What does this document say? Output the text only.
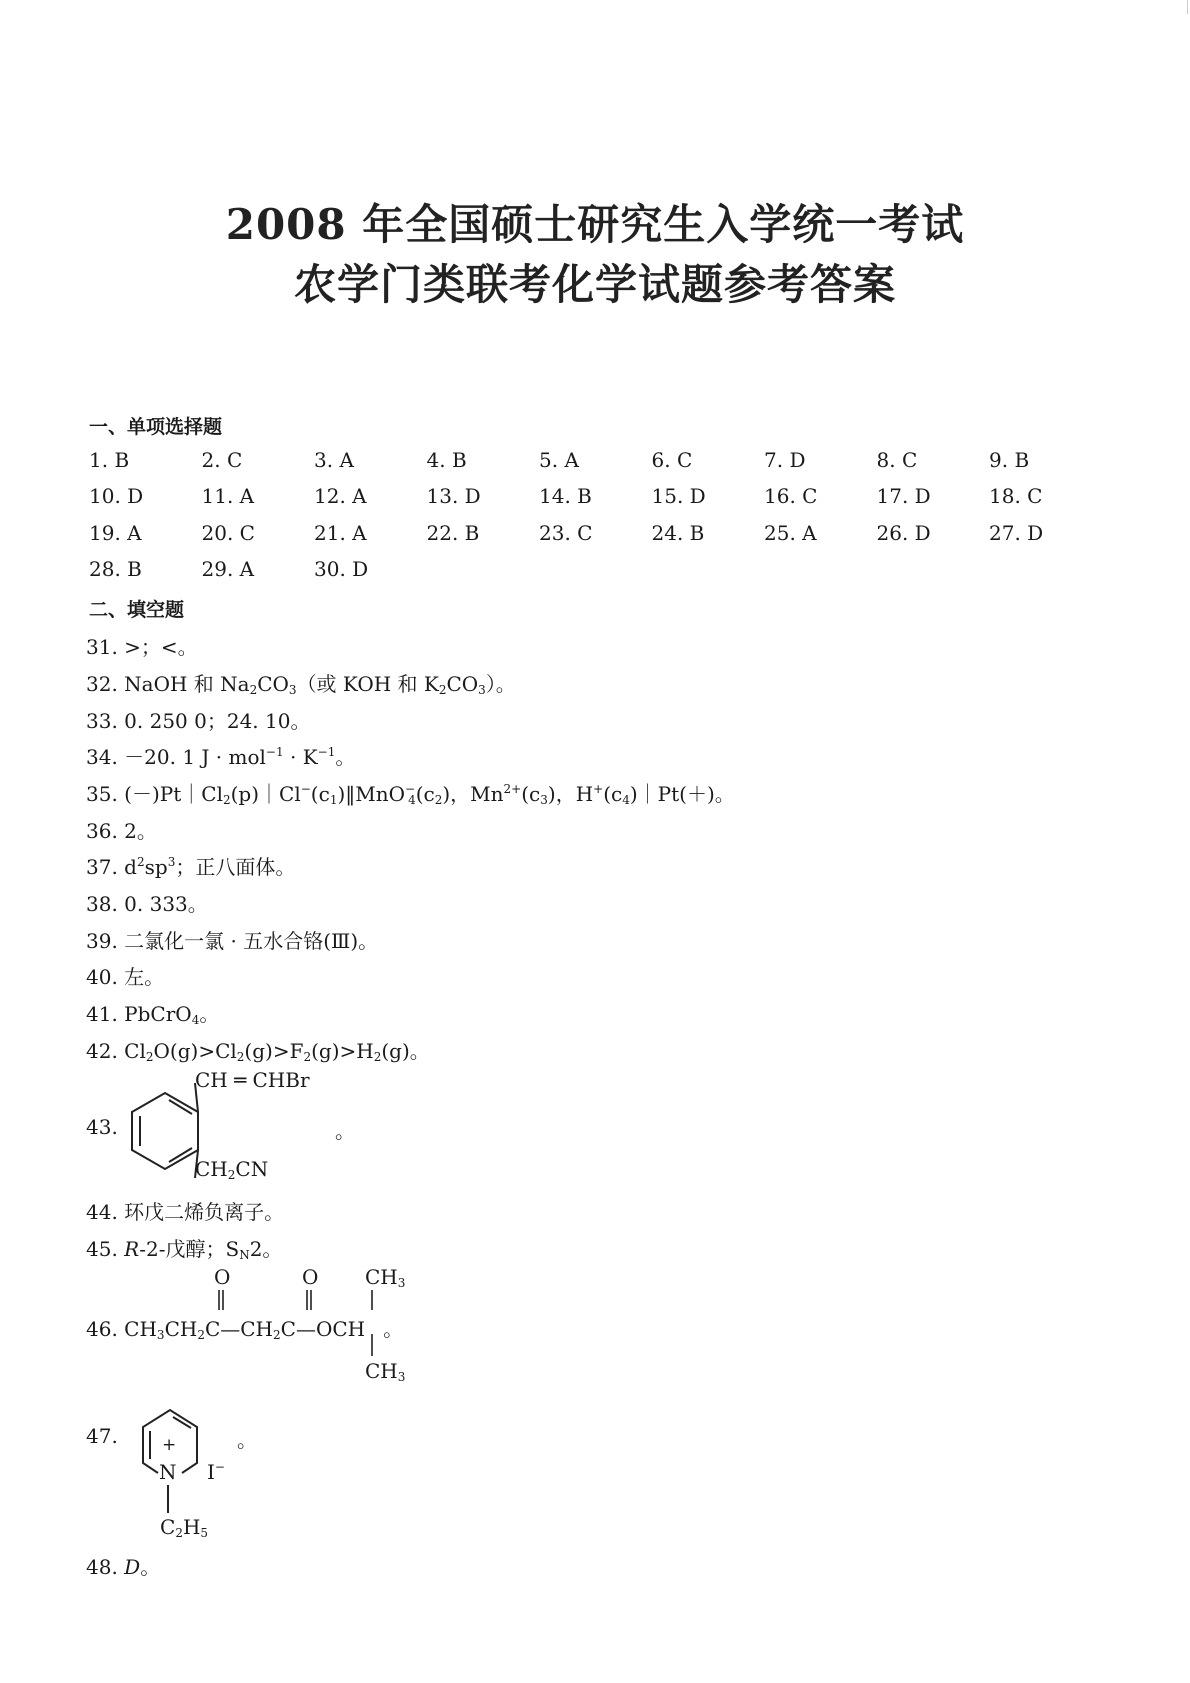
2008 年全国硕士研究生入学统一考试
农学门类联考化学试题参考答案
一、单项选择题
1. B	2. C	3. A	4. B	5. A	6. C	7. D	8. C	9. B
10. D	11. A	12. A	13. D	14. B	15. D	16. C	17. D	18. C
19. A	20. C	21. A	22. B	23. C	24. B	25. A	26. D	27. D
28. B	29. A	30. D
二、填空题
31. >；<。
32. NaOH 和 $Na_2CO_3$（或 KOH 和 $K_2CO_3$）。
33. 0. 250 0；24. 10。
34. －20. 1 $J \cdot mol^{-1} \cdot K^{-1}$。
35. $(-)Pt|Cl_2(p)|Cl^-(c_1)‖MnO^-_4(c_2)$，$Mn^{2+}(c_3)$，$H^+(c_4)|Pt(+)$。
36. 2。
37. $d^2sp^3$；正八面体。
38. 0. 333。
39. 二氯化一氯 · 五水合铬(Ⅲ)。
40. 左。
41. PbCrO$_4$。
42. $Cl_2O(g)>Cl_2(g)>F_2(g)>H_2(g)$。
43.
CH ═ CHBr
$CH_2CN$
。
44. 环戊二烯负离子。
45. R-2-戊醇；$S_N2$。
O	O $CH_3$
46. $CH_3CH_2C—CH_2C—OCH$ 。
$CH_3$
47.	+
N I−
。
$C_2H_5$
48. D。
